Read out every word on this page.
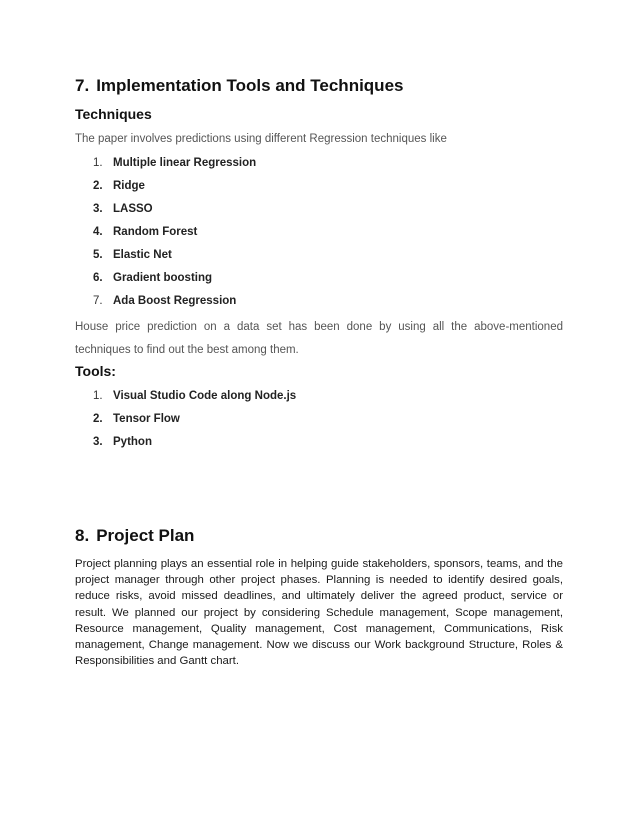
7. Implementation Tools and Techniques
Techniques

The paper involves predictions using different Regression techniques like

1. Multiple linear Regression
2. Ridge
3. LASSO
4. Random Forest
5. Elastic Net
6. Gradient boosting
7. Ada Boost Regression

House price prediction on a data set has been done by using all the above-mentioned techniques to find out the best among them.

Tools:
1. Visual Studio Code along Node.js
2. Tensor Flow
3. Python
8. Project Plan

Project planning plays an essential role in helping guide stakeholders, sponsors, teams, and the project manager through other project phases. Planning is needed to identify desired goals, reduce risks, avoid missed deadlines, and ultimately deliver the agreed product, service or result. We planned our project by considering Schedule management, Scope management, Resource management, Quality management, Cost management, Communications, Risk management, Change management. Now we discuss our Work background Structure, Roles & Responsibilities and Gantt chart.
